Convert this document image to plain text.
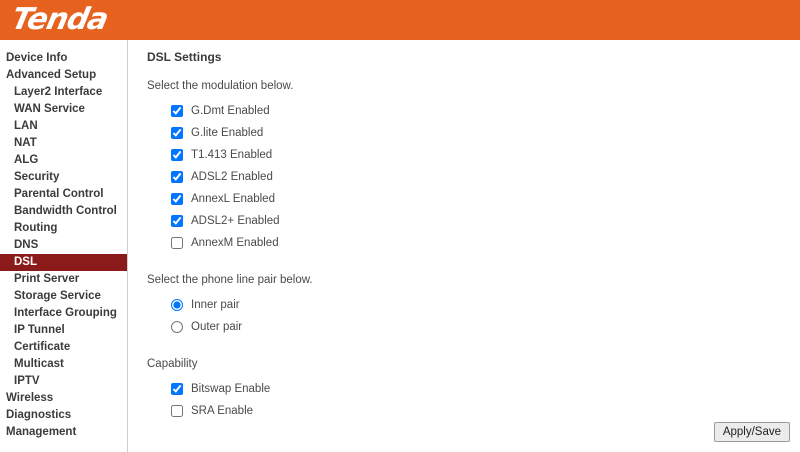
Tenda
Device Info
Advanced Setup
Layer2 Interface
WAN Service
LAN
NAT
ALG
Security
Parental Control
Bandwidth Control
Routing
DNS
DSL
Print Server
Storage Service
Interface Grouping
IP Tunnel
Certificate
Multicast
IPTV
Wireless
Diagnostics
Management
DSL Settings
Select the modulation below.
G.Dmt Enabled
G.lite Enabled
T1.413 Enabled
ADSL2 Enabled
AnnexL Enabled
ADSL2+ Enabled
AnnexM Enabled
Select the phone line pair below.
Inner pair
Outer pair
Capability
Bitswap Enable
SRA Enable
Apply/Save
